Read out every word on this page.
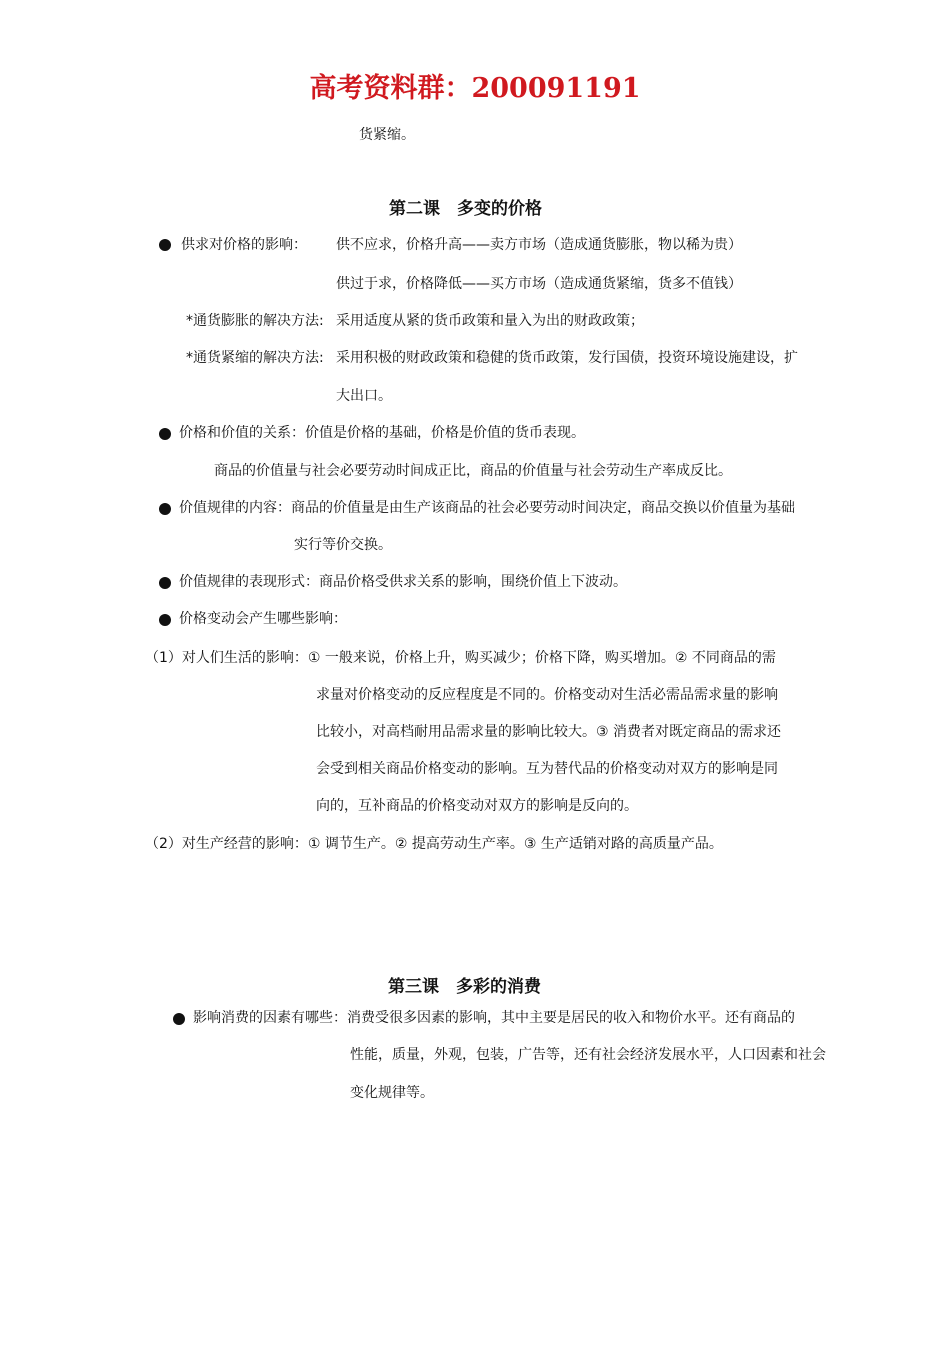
高考资料群：200091191
货紧缩。
第二课　多变的价格
供求对价格的影响： 供不应求，价格升高——卖方市场（造成通货膨胀，物以稀为贵）
供过于求，价格降低——买方市场（造成通货紧缩，货多不值钱）
*通货膨胀的解决方法: 采用适度从紧的货币政策和量入为出的财政政策；
*通货紧缩的解决方法: 采用积极的财政政策和稳健的货币政策，发行国债，投资环境设施建设，扩
大出口。
价格和价值的关系：价值是价格的基础，价格是价值的货币表现。
商品的价值量与社会必要劳动时间成正比，商品的价值量与社会劳动生产率成反比。
价值规律的内容：商品的价值量是由生产该商品的社会必要劳动时间决定，商品交换以价值量为基础
实行等价交换。
价值规律的表现形式：商品价格受供求关系的影响，围绕价值上下波动。
价格变动会产生哪些影响：
（1）对人们生活的影响：① 一般来说，价格上升，购买减少；价格下降，购买增加。② 不同商品的需
求量对价格变动的反应程度是不同的。价格变动对生活必需品需求量的影响
比较小，对高档耐用品需求量的影响比较大。③ 消费者对既定商品的需求还
会受到相关商品价格变动的影响。互为替代品的价格变动对双方的影响是同
向的，互补商品的价格变动对双方的影响是反向的。
（2）对生产经营的影响：① 调节生产。② 提高劳动生产率。③ 生产适销对路的高质量产品。
第三课　多彩的消费
影响消费的因素有哪些：消费受很多因素的影响，其中主要是居民的收入和物价水平。还有商品的
性能，质量，外观，包装，广告等，还有社会经济发展水平，人口因素和社会
变化规律等。
